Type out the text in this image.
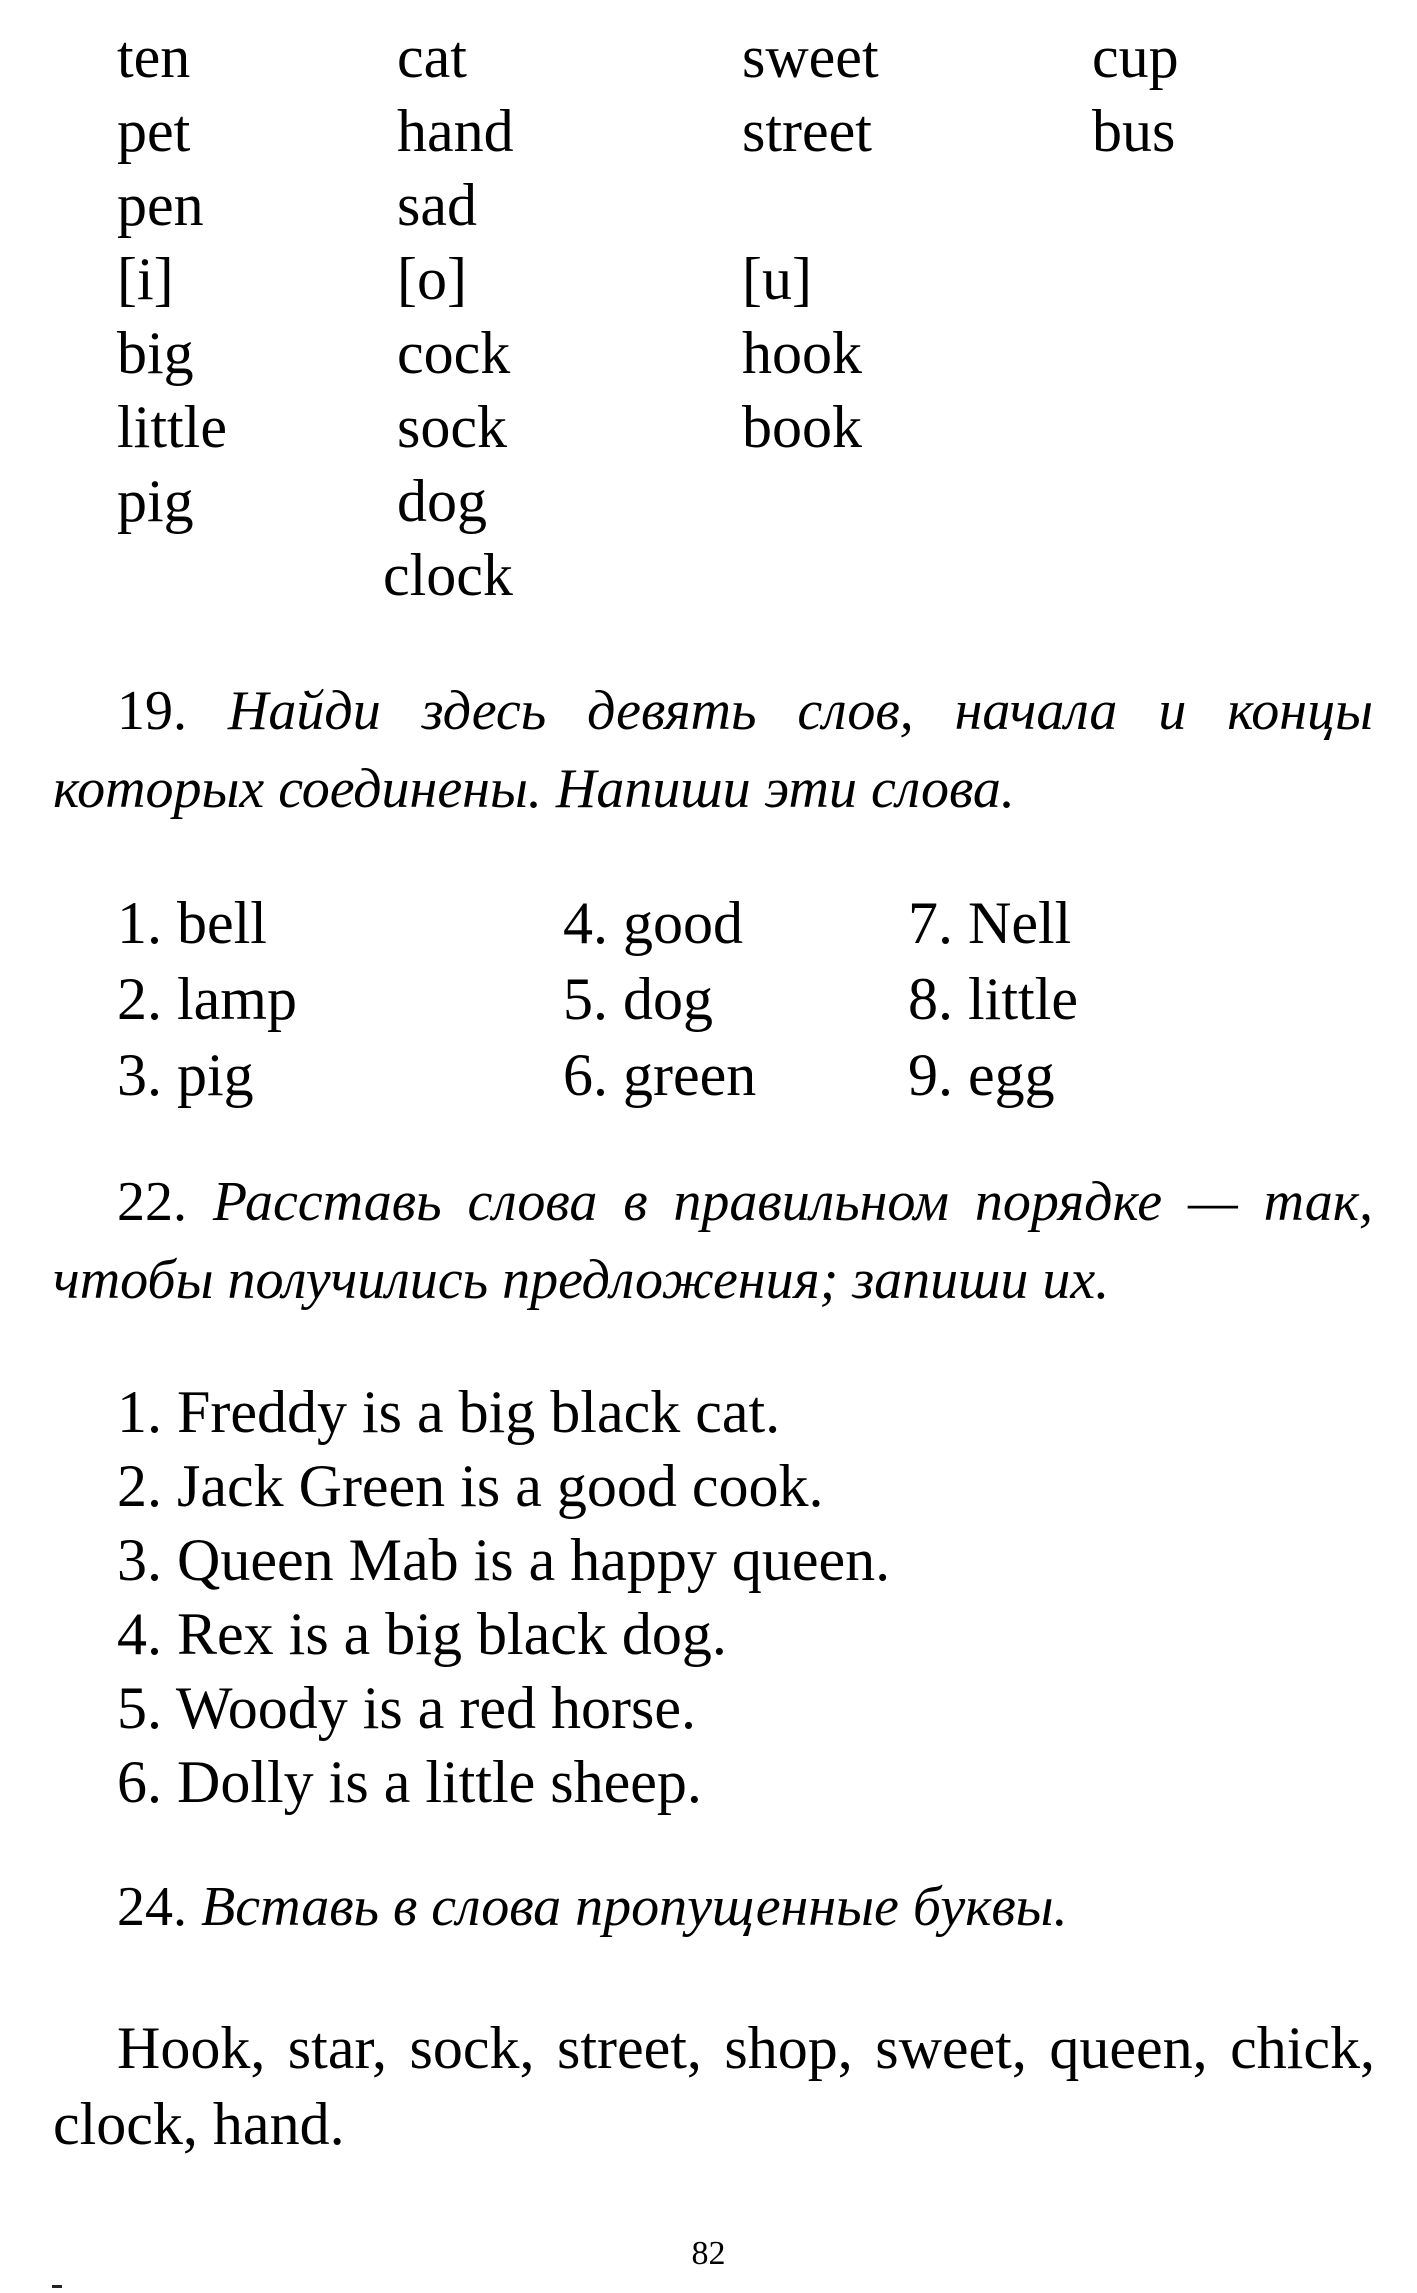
ten	cat	sweet	cup
pet	hand	street	bus
pen	sad
[i]	[o]	[u]
big	cock	hook
little	sock	book
pig	dog
clock
19. Найди здесь девять слов, начала и концы которых соединены. Напиши эти слова.
1. bell	4. good	7. Nell
2. lamp	5. dog	8. little
3. pig	6. green	9. egg
22. Расставь слова в правильном порядке — так, чтобы получились предложения; запиши их.
1. Freddy is a big black cat.
2. Jack Green is a good cook.
3. Queen Mab is a happy queen.
4. Rex is a big black dog.
5. Woody is a red horse.
6. Dolly is a little sheep.
24. Вставь в слова пропущенные буквы.
Hook, star, sock, street, shop, sweet, queen, chick, clock, hand.
82
